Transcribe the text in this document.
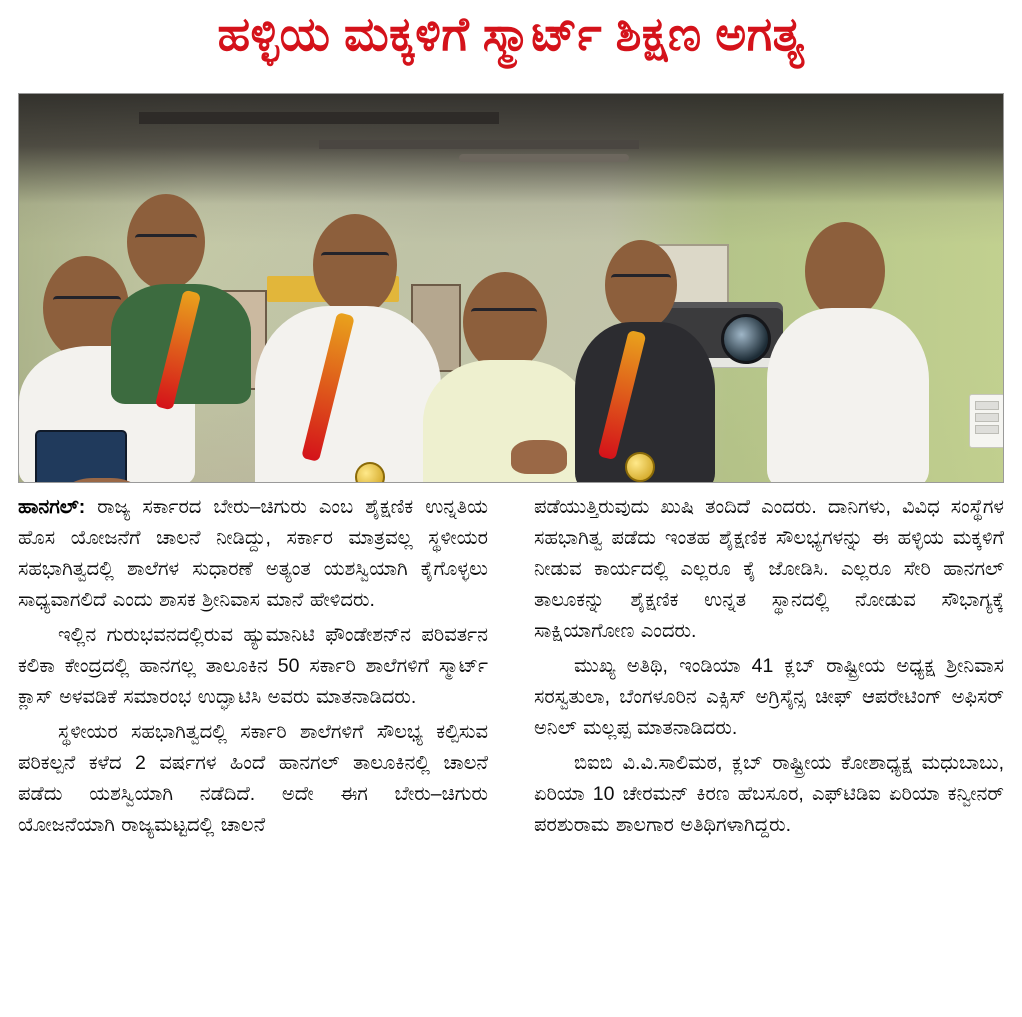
ಹಳ್ಳಿಯ ಮಕ್ಕಳಿಗೆ ಸ್ಮಾರ್ಟ್ ಶಿಕ್ಷಣ ಅಗತ್ಯ

ಹಾನಗಲ್: ರಾಜ್ಯ ಸರ್ಕಾರದ ಬೇರು–ಚಿಗುರು ಎಂಬ ಶೈಕ್ಷಣಿಕ ಉನ್ನತಿಯ ಹೊಸ ಯೋಜನೆಗೆ ಚಾಲನೆ ನೀಡಿದ್ದು, ಸರ್ಕಾರ ಮಾತ್ರವಲ್ಲ ಸ್ಥಳೀಯರ ಸಹಭಾಗಿತ್ವದಲ್ಲಿ ಶಾಲೆಗಳ ಸುಧಾರಣೆ ಅತ್ಯಂತ ಯಶಸ್ವಿಯಾಗಿ ಕೈಗೊಳ್ಳಲು ಸಾಧ್ಯವಾಗಲಿದೆ ಎಂದು ಶಾಸಕ ಶ್ರೀನಿವಾಸ ಮಾನೆ ಹೇಳಿದರು.

ಇಲ್ಲಿನ ಗುರುಭವನದಲ್ಲಿರುವ ಹ್ಯುಮಾನಿಟಿ ಫೌಂಡೇಶನ್‌ನ ಪರಿವರ್ತನ ಕಲಿಕಾ ಕೇಂದ್ರದಲ್ಲಿ ಹಾನಗಲ್ಲ ತಾಲೂಕಿನ 50 ಸರ್ಕಾರಿ ಶಾಲೆಗಳಿಗೆ ಸ್ಮಾರ್ಟ್ ಕ್ಲಾಸ್ ಅಳವಡಿಕೆ ಸಮಾರಂಭ ಉದ್ಘಾಟಿಸಿ ಅವರು ಮಾತನಾಡಿದರು.

ಸ್ಥಳೀಯರ ಸಹಭಾಗಿತ್ವದಲ್ಲಿ ಸರ್ಕಾರಿ ಶಾಲೆಗಳಿಗೆ ಸೌಲಭ್ಯ ಕಲ್ಪಿಸುವ ಪರಿಕಲ್ಪನೆ ಕಳೆದ 2 ವರ್ಷಗಳ ಹಿಂದೆ ಹಾನಗಲ್ ತಾಲೂಕಿನಲ್ಲಿ ಚಾಲನೆ ಪಡೆದು ಯಶಸ್ವಿಯಾಗಿ ನಡೆದಿದೆ. ಅದೇ ಈಗ ಬೇರು–ಚಿಗುರು ಯೋಜನೆಯಾಗಿ ರಾಜ್ಯಮಟ್ಟದಲ್ಲಿ ಚಾಲನೆ

ಪಡೆಯುತ್ತಿರುವುದು ಖುಷಿ ತಂದಿದೆ ಎಂದರು. ದಾನಿಗಳು, ವಿವಿಧ ಸಂಸ್ಥೆಗಳ ಸಹಭಾಗಿತ್ವ ಪಡೆದು ಇಂತಹ ಶೈಕ್ಷಣಿಕ ಸೌಲಭ್ಯಗಳನ್ನು ಈ ಹಳ್ಳಿಯ ಮಕ್ಕಳಿಗೆ ನೀಡುವ ಕಾರ್ಯದಲ್ಲಿ ಎಲ್ಲರೂ ಕೈ ಜೋಡಿಸಿ. ಎಲ್ಲರೂ ಸೇರಿ ಹಾನಗಲ್ ತಾಲೂಕನ್ನು ಶೈಕ್ಷಣಿಕ ಉನ್ನತ ಸ್ಥಾನದಲ್ಲಿ ನೋಡುವ ಸೌಭಾಗ್ಯಕ್ಕೆ ಸಾಕ್ಷಿಯಾಗೋಣ ಎಂದರು.

ಮುಖ್ಯ ಅತಿಥಿ, ಇಂಡಿಯಾ 41 ಕ್ಲಬ್ ರಾಷ್ಟ್ರೀಯ ಅಧ್ಯಕ್ಷ ಶ್ರೀನಿವಾಸ ಸರಸ್ವತುಲಾ, ಬೆಂಗಳೂರಿನ ಎಕ್ಸಿಸ್ ಅಗ್ರಿಸೈನ್ಸ ಚೀಫ್ ಆಪರೇಟಿಂಗ್ ಅಫಿಸರ್ ಅನಿಲ್ ಮಲ್ಲಪ್ಪ ಮಾತನಾಡಿದರು.

ಬಿಐಬಿ ವಿ.ವಿ.ಸಾಲಿಮಠ, ಕ್ಲಬ್ ರಾಷ್ಟ್ರೀಯ ಕೋಶಾಧ್ಯಕ್ಷ ಮಧುಬಾಬು, ಏರಿಯಾ 10 ಚೇರಮನ್ ಕಿರಣ ಹೆಬಸೂರ, ಎಫ್‌ಟಿಡಿಐ ಏರಿಯಾ ಕನ್ವೀನರ್ ಪರಶುರಾಮ ಶಾಲಗಾರ ಅತಿಥಿಗಳಾಗಿದ್ದರು.
